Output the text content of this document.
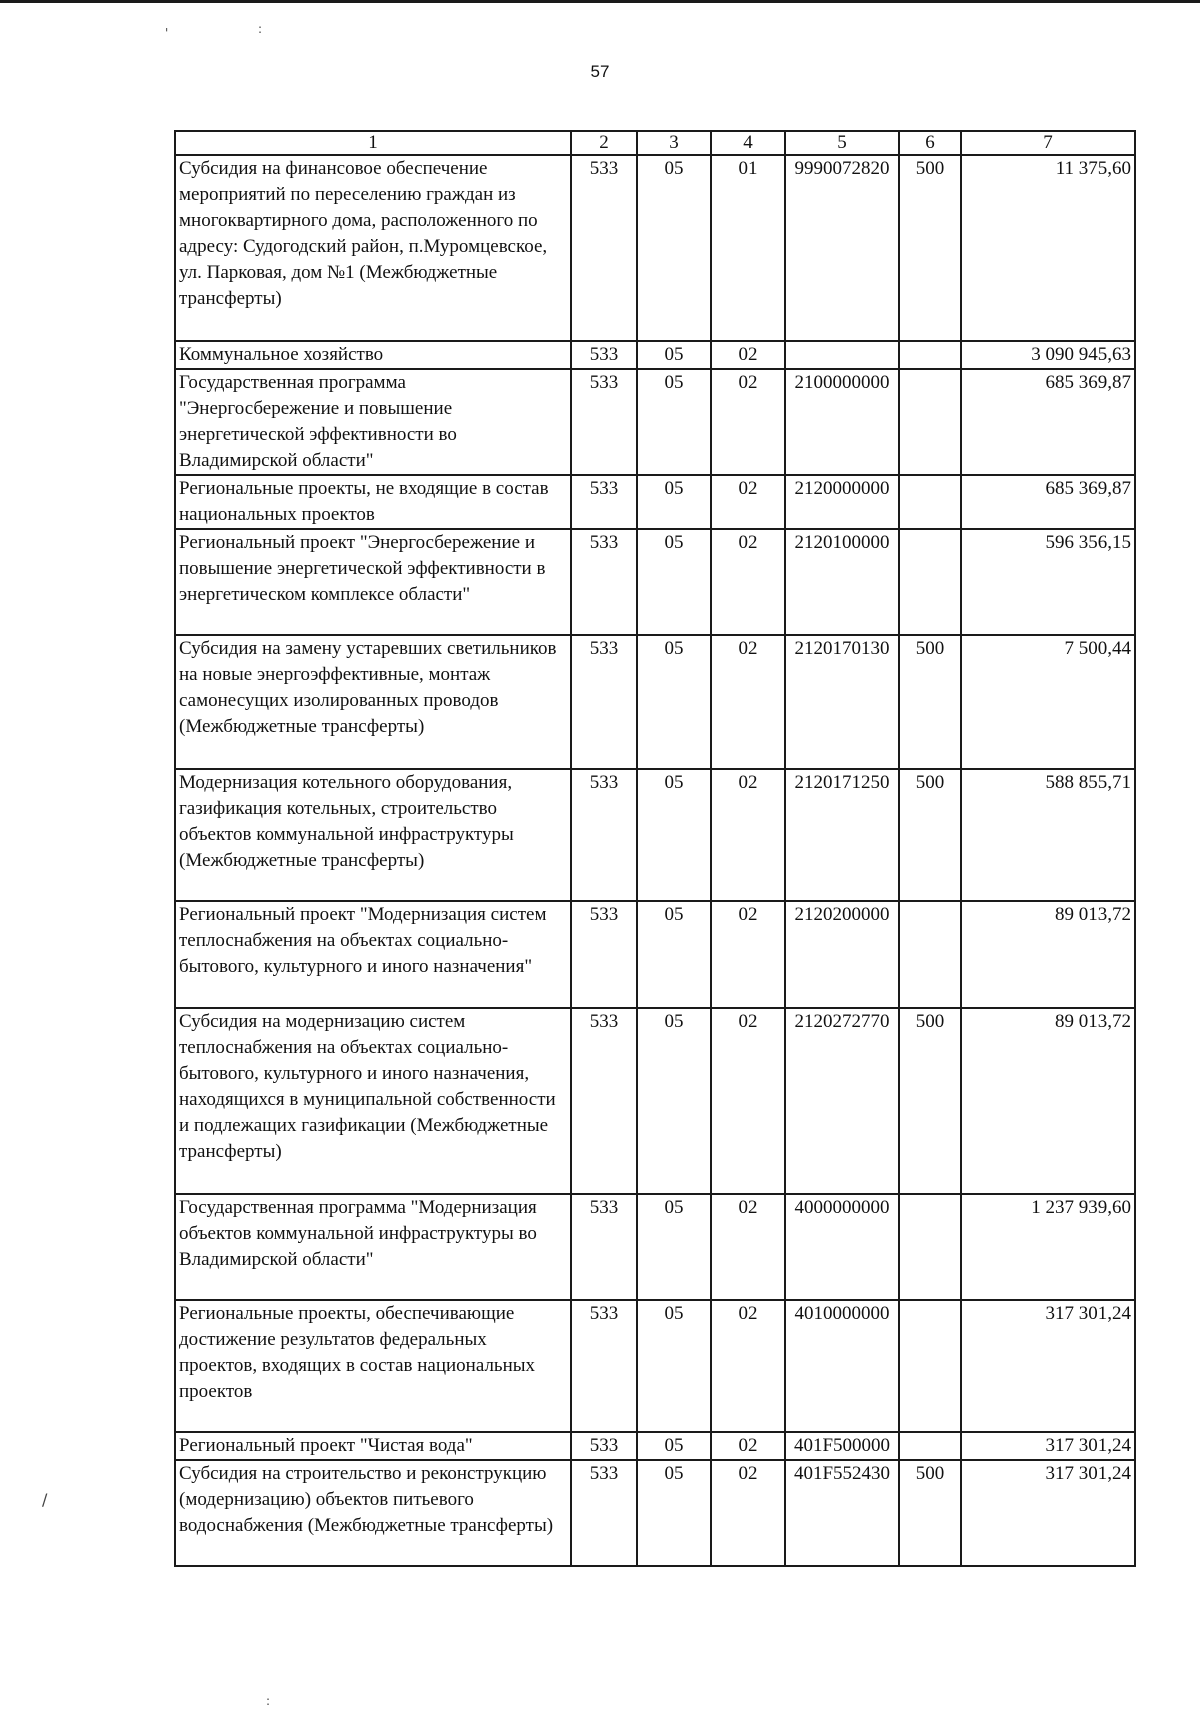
'	:
/
:
57
1	2	3	4	5	6	7
Субсидия на финансовое обеспечение мероприятий по переселению граждан из многоквартирного дома, расположенного по адресу: Судогодский район, п.Муромцевское, ул. Парковая, дом №1 (Межбюджетные трансферты)	533	05	01	9990072820	500	11 375,60
Коммунальное хозяйство	533	05	02			3 090 945,63
Государственная программа "Энергосбережение и повышение энергетической эффективности во Владимирской области"	533	05	02	2100000000		685 369,87
Региональные проекты, не входящие в состав национальных проектов	533	05	02	2120000000		685 369,87
Региональный проект "Энергосбережение и повышение энергетической эффективности в энергетическом комплексе области"	533	05	02	2120100000		596 356,15
Субсидия на замену устаревших светильников на новые энергоэффективные, монтаж самонесущих изолированных проводов (Межбюджетные трансферты)	533	05	02	2120170130	500	7 500,44
Модернизация котельного оборудования, газификация котельных, строительство объектов коммунальной инфраструктуры (Межбюджетные трансферты)	533	05	02	2120171250	500	588 855,71
Региональный проект "Модернизация систем теплоснабжения на объектах социально-бытового, культурного и иного назначения"	533	05	02	2120200000		89 013,72
Субсидия на модернизацию систем теплоснабжения на объектах социально-бытового, культурного и иного назначения, находящихся в муниципальной собственности и подлежащих газификации (Межбюджетные трансферты)	533	05	02	2120272770	500	89 013,72
Государственная программа "Модернизация объектов коммунальной инфраструктуры во Владимирской области"	533	05	02	4000000000		1 237 939,60
Региональные проекты, обеспечивающие достижение результатов федеральных проектов, входящих в состав национальных проектов	533	05	02	4010000000		317 301,24
Региональный проект "Чистая вода"	533	05	02	401F500000		317 301,24
Субсидия на строительство и реконструкцию (модернизацию) объектов питьевого водоснабжения (Межбюджетные трансферты)	533	05	02	401F552430	500	317 301,24
